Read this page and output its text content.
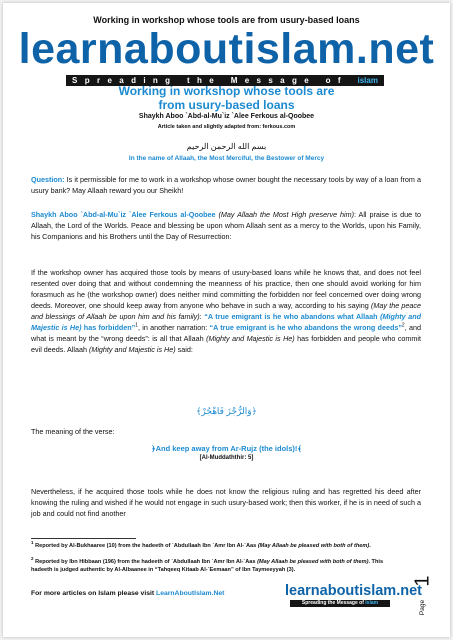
Working in workshop whose tools are from usury-based loans
learnaboutislam.net
S p r e a d i n g
t h e
M e s s a g e
o f
islam
Working in workshop whose tools are
from usury-based loans
Shaykh Aboo `Abd-al-Mu`iz `Alee Ferkous al-Qoobee
Article taken and slightly adapted from: ferkous.com
بسم الله الرحمن الرحيم
In the name of Allaah, the Most Merciful, the Bestower of Mercy
Question: Is it permissible for me to work in a workshop whose owner bought the necessary tools by way of a loan from a usury bank? May Allaah reward you our Sheikh!
Shaykh Aboo `Abd-al-Mu`iz `Alee Ferkous al-Qoobee (May Allaah the Most High preserve him): All praise is due to Allaah, the Lord of the Worlds. Peace and blessing be upon whom Allaah sent as a mercy to the Worlds, upon his Family, his Companions and his Brothers until the Day of Resurrection:
If the workshop owner has acquired those tools by means of usury-based loans while he knows that, and does not feel resented over doing that and without condemning the meanness of his practice, then one should avoid working for him forasmuch as he (the workshop owner) does neither mind committing the forbidden nor feel concerned over doing wrong deeds. Moreover, one should keep away from anyone who behave in such a way, according to his saying (May the peace and blessings of Allaah be upon him and his family): “A true emigrant is he who abandons what Allaah (Mighty and Majestic is He) has forbidden”$^1$, in another narration: “A true emigrant is he who abandons the wrong deeds”$^2$, and what is meant by the “wrong deeds”: is all that Allaah (Mighty and Majestic is He) has forbidden and people who commit evil deeds. Allaah (Mighty and Majestic is He) said:
﴿وَالرُّجْزَ فَاهْجُرْ﴾
The meaning of the verse:
﴿And keep away from Ar-Rujz (the idols)!﴾
[Al-Muddaththir: 5]
Nevertheless, if he acquired those tools while he does not know the religious ruling and has regretted his deed after knowing the ruling and wished if he would not engage in such usury-based work; then this worker, if he is in need of such a job and could not find another
$^1$ Reported by Al-Bukhaaree (10) from the hadeeth of `Abdullaah Ibn `Amr Ibn Al-`Aas (May Allaah be pleased with both of them).
$^2$ Reported by Ibn Hibbaan (196) from the hadeeth of `Abdullaah Ibn `Amr Ibn Al-`Aas (May Allaah be pleased with both of them). This hadeeth is judged authentic by Al-Albaanee in “Tahqeeq Kitaab Al-`Eemaan” of Ibn Taymeeyyah (3).
For more articles on Islam please visit LearnAboutIslam.Net	learnaboutislam.net
Spreading the Message of Islam	Page
1
